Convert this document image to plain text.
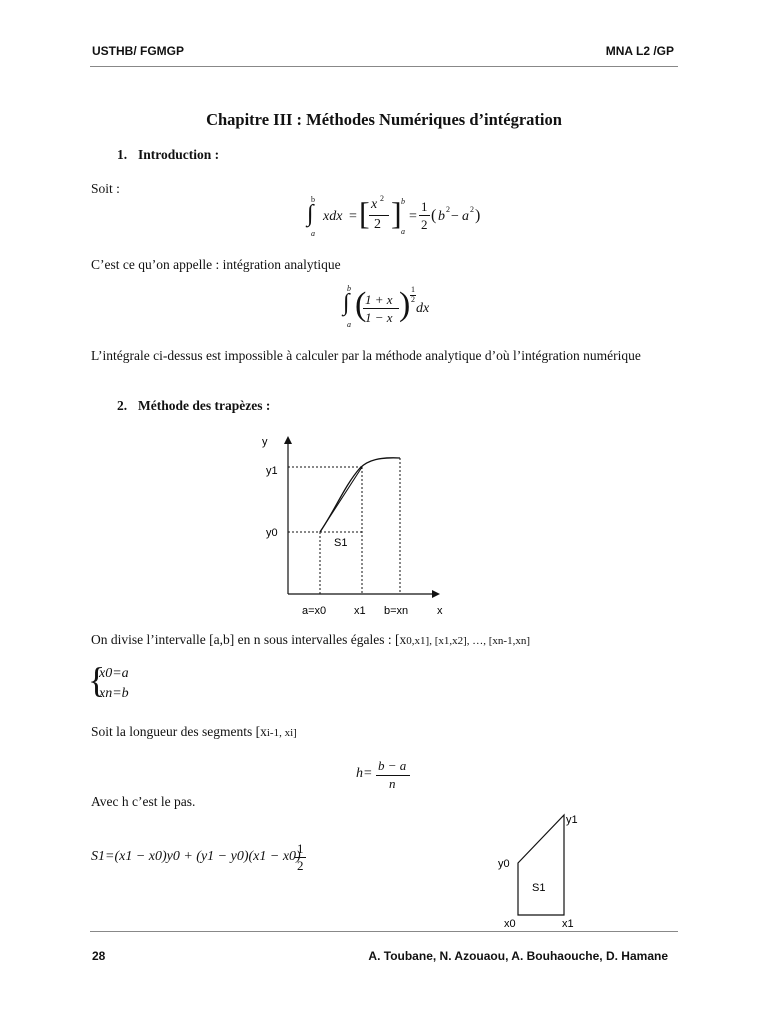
USTHB/ FGMGP	MNA L2 /GP
Chapitre III : Méthodes Numériques d’intégration
1. Introduction :
Soit :
b
∫
a
xdx = [ x 2
2 ] b
a
=
1
2
( b 2 − a 2 )
C’est ce qu’on appelle : intégration analytique
b
∫
a
(
1 + x
1 − x ) 1
2
dx
L’intégrale ci-dessus est impossible à calculer par la méthode analytique d’où l’intégration numérique
2. Méthode des trapèzes :
y
y1
y0
S1
a=x0	x1 b=xn	x
On divise l’intervalle [a,b] en n sous intervalles égales : [x0,x1], [x1,x2], …, [xn-1,xn]
{
x0=a
xn=b
Soit la longueur des segments [xi-1, xi]
h=
b − a
n
Avec h c’est le pas.
S1=(x1 − x0)y0 + (y1 − y0)(x1 − x0)
1
2
y1
y0
S1
x0	x1
28	A. Toubane, N. Azouaou, A. Bouhaouche, D. Hamane
